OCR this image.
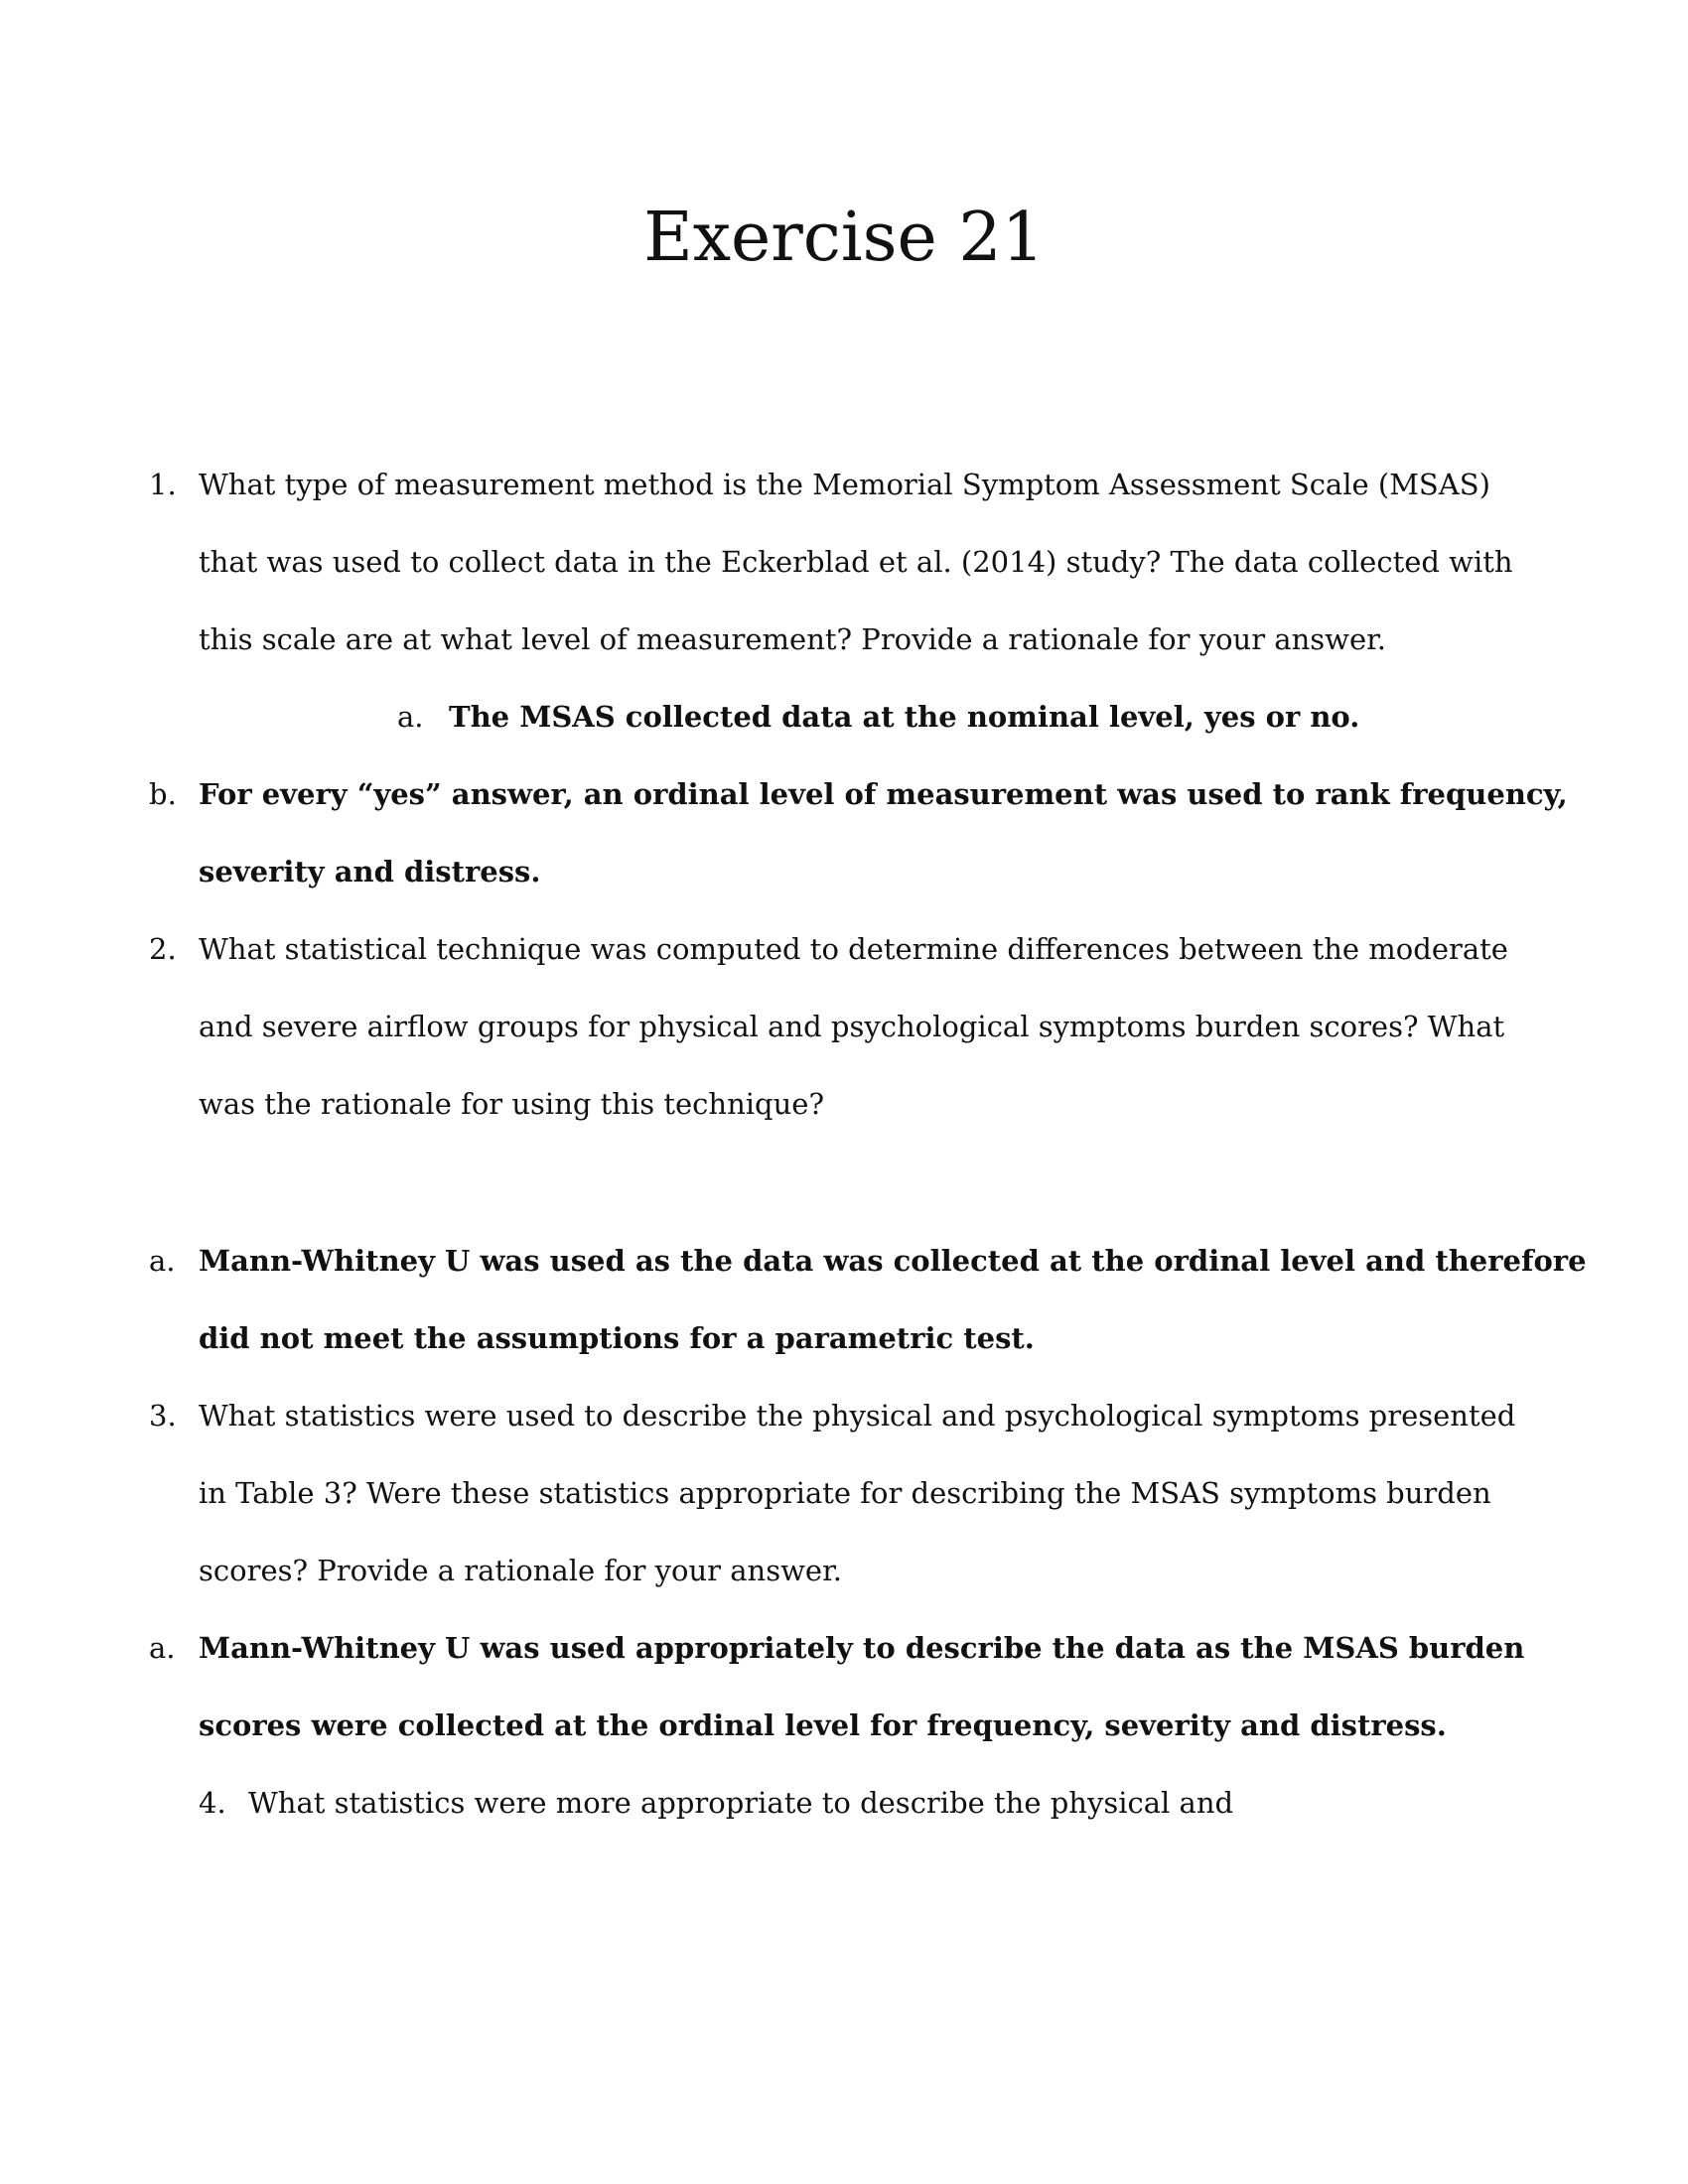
Exercise 21
1. What type of measurement method is the Memorial Symptom Assessment Scale (MSAS)
that was used to collect data in the Eckerblad et al. (2014) study? The data collected with
this scale are at what level of measurement? Provide a rationale for your answer.
a. The MSAS collected data at the nominal level, yes or no.
b. For every “yes” answer, an ordinal level of measurement was used to rank frequency,
severity and distress.
2. What statistical technique was computed to determine differences between the moderate
and severe airflow groups for physical and psychological symptoms burden scores? What
was the rationale for using this technique?
a. Mann-Whitney U was used as the data was collected at the ordinal level and therefore
did not meet the assumptions for a parametric test.
3. What statistics were used to describe the physical and psychological symptoms presented
in Table 3? Were these statistics appropriate for describing the MSAS symptoms burden
scores? Provide a rationale for your answer.
a. Mann-Whitney U was used appropriately to describe the data as the MSAS burden
scores were collected at the ordinal level for frequency, severity and distress.
4. What statistics were more appropriate to describe the physical and
